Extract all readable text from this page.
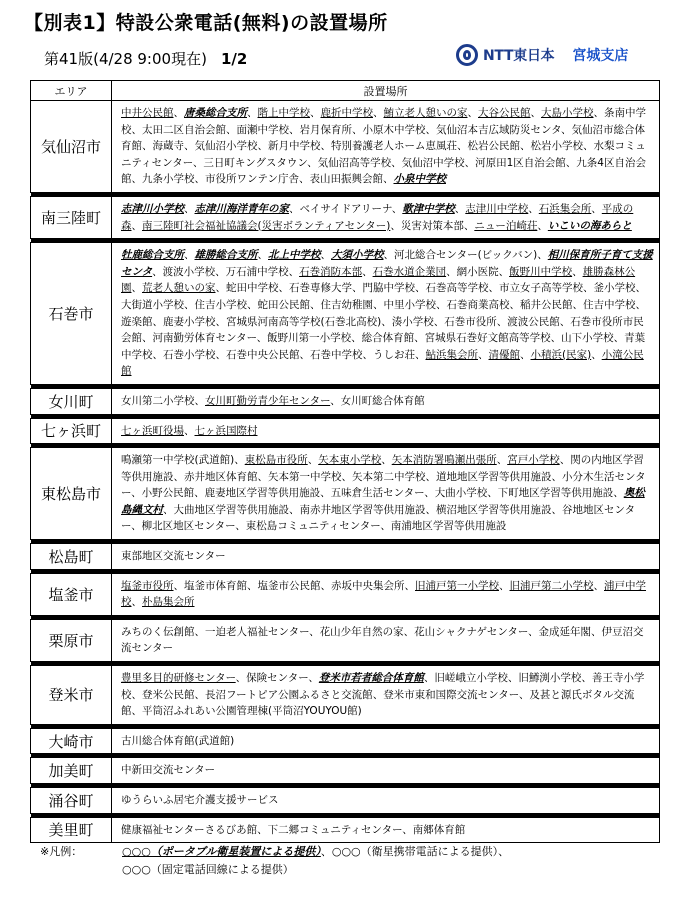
【別表1】特設公衆電話(無料)の設置場所
第41版(4/28 9:00現在) 1/2	NTT東日本 宮城支店
エリア	設置場所
気仙沼市	中井公民館、唐桑総合支所、階上中学校、鹿折中学校、鮪立老人憩いの家、大谷公民館、大島小学校、条南中学校、太田二区自治会館、面瀬中学校、岩月保育所、小原木中学校、気仙沼本吉広域防災センタ、気仙沼市総合体育館、海蔵寺、気仙沼小学校、新月中学校、特別養護老人ホーム恵風荘、松岩公民館、松岩小学校、水梨コミュニティセンター、三日町キングスタウン、気仙沼高等学校、気仙沼中学校、河原田1区自治会館、九条4区自治会館、九条小学校、市役所ワンテン庁舎、表山田振興会館、小泉中学校

南三陸町	志津川小学校、志津川海洋青年の家、ベイサイドアリーナ、歌津中学校、志津川中学校、石浜集会所、平成の森、南三陸町社会福祉協議会(災害ボランティアセンター)、災害対策本部、ニュー泊崎荘、いこいの海あらと

石巻市	牡鹿総合支所、雄勝総合支所、北上中学校、大須小学校、河北総合センター(ビックバン)、相川保育所子育て支援センタ、渡波小学校、万石浦中学校、石巻消防本部、石巻水道企業団、網小医院、飯野川中学校、雄勝森林公園、荒老人憩いの家、蛇田中学校、石巻専修大学、門脇中学校、石巻高等学校、市立女子高等学校、釜小学校、大街道小学校、住吉小学校、蛇田公民館、住吉幼稚園、中里小学校、石巻商業高校、稲井公民館、住吉中学校、遊楽館、鹿妻小学校、宮城県河南高等学校(石巻北高校)、湊小学校、石巻市役所、渡波公民館、石巻市役所市民会館、河南勤労体育センター、飯野川第一小学校、総合体育館、宮城県石巻好文館高等学校、山下小学校、青葉中学校、石巻小学校、石巻中央公民館、石巻中学校、うしお荘、鮎浜集会所、清優館、小積浜(民家)、小滝公民館

女川町	女川第二小学校、女川町勤労青少年センター、女川町総合体育館

七ヶ浜町	七ヶ浜町役場、七ヶ浜国際村

東松島市	鳴瀬第一中学校(武道館)、東松島市役所、矢本東小学校、矢本消防署鳴瀬出張所、宮戸小学校、関の内地区学習等供用施設、赤井地区体育館、矢本第一中学校、矢本第二中学校、道地地区学習等供用施設、小分木生活センター、小野公民館、鹿妻地区学習等供用施設、五味倉生活センター、大曲小学校、下町地区学習等供用施設、奥松島縄文村、大曲地区学習等供用施設、南赤井地区学習等供用施設、横沼地区学習等供用施設、谷地地区センター、柳北区地区センター、東松島コミュニティセンター、南浦地区学習等供用施設

松島町	東部地区交流センター

塩釜市	塩釜市役所、塩釜市体育館、塩釜市公民館、赤坂中央集会所、旧浦戸第一小学校、旧浦戸第二小学校、浦戸中学校、朴島集会所

栗原市	みちのく伝創館、一迫老人福祉センター、花山少年自然の家、花山シャクナゲセンター、金成延年閣、伊豆沼交流センター

登米市	豊里多目的研修センター、保険センター、登米市若者総合体育館、旧嵯峨立小学校、旧鱒渕小学校、善王寺小学校、登米公民館、長沼フートピア公園ふるさと交流館、登米市東和国際交流センター、及甚と源氏ボタル交流館、平筒沼ふれあい公園管理棟(平筒沼YOUYOU館)

大崎市	古川総合体育館(武道館)

加美町	中新田交流センター

涌谷町	ゆうらいふ居宅介護支援サービス

美里町	健康福祉センターさるびあ館、下二郷コミュニティセンター、南郷体育館
※凡例：	○○○（ポータブル衛星装置による提供）、○○○（衛星携帯電話による提供）、
○○○（固定電話回線による提供）
